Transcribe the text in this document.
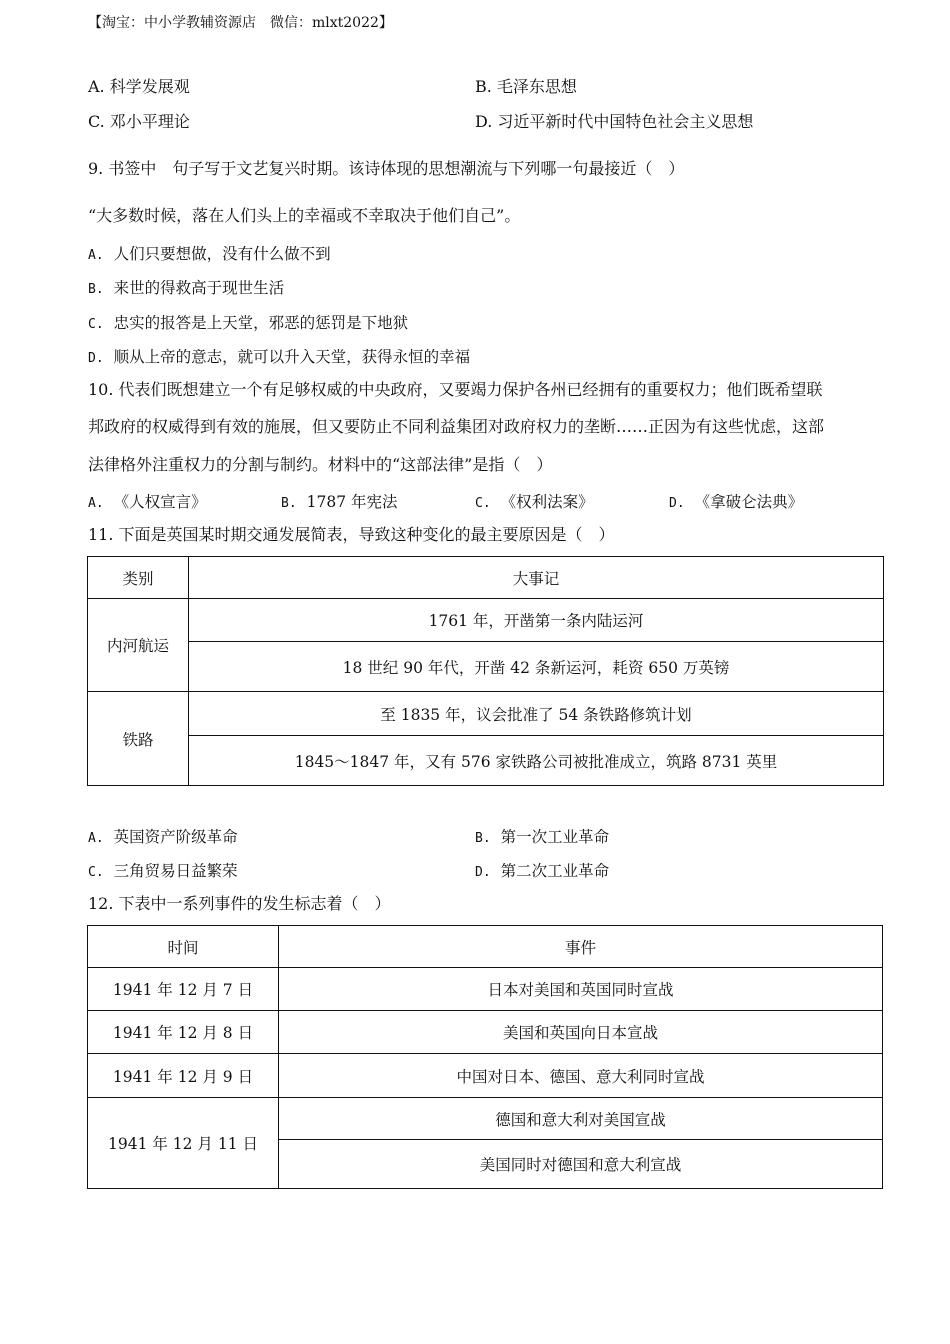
【淘宝：中小学教辅资源店　微信：mlxt2022】
A. 科学发展观	B. 毛泽东思想
C. 邓小平理论	D. 习近平新时代中国特色社会主义思想
9. 书签中　句子写于文艺复兴时期。该诗体现的思想潮流与下列哪一句最接近（　）
“大多数时候，落在人们头上的幸福或不幸取决于他们自己”。
A. 人们只要想做，没有什么做不到
B. 来世的得救高于现世生活
C. 忠实的报答是上天堂，邪恶的惩罚是下地狱
D. 顺从上帝的意志，就可以升入天堂，获得永恒的幸福
10. 代表们既想建立一个有足够权威的中央政府，又要竭力保护各州已经拥有的重要权力；他们既希望联
邦政府的权威得到有效的施展，但又要防止不同利益集团对政府权力的垄断……正因为有这些忧虑，这部
法律格外注重权力的分割与制约。材料中的“这部法律”是指（　）
A. 《人权宣言》	B. 1787 年宪法	C. 《权利法案》	D. 《拿破仑法典》
11. 下面是英国某时期交通发展简表，导致这种变化的最主要原因是（　）
类别	大事记
内河航运	1761 年，开凿第一条内陆运河
	18 世纪 90 年代，开凿 42 条新运河，耗资 650 万英镑
铁路	至 1835 年，议会批准了 54 条铁路修筑计划
	1845～1847 年，又有 576 家铁路公司被批准成立，筑路 8731 英里
A. 英国资产阶级革命	B. 第一次工业革命
C. 三角贸易日益繁荣	D. 第二次工业革命
12. 下表中一系列事件的发生标志着（　）
时间	事件
1941 年 12 月 7 日	日本对美国和英国同时宣战
1941 年 12 月 8 日	美国和英国向日本宣战
1941 年 12 月 9 日	中国对日本、德国、意大利同时宣战
1941 年 12 月 11 日	德国和意大利对美国宣战
	美国同时对德国和意大利宣战
